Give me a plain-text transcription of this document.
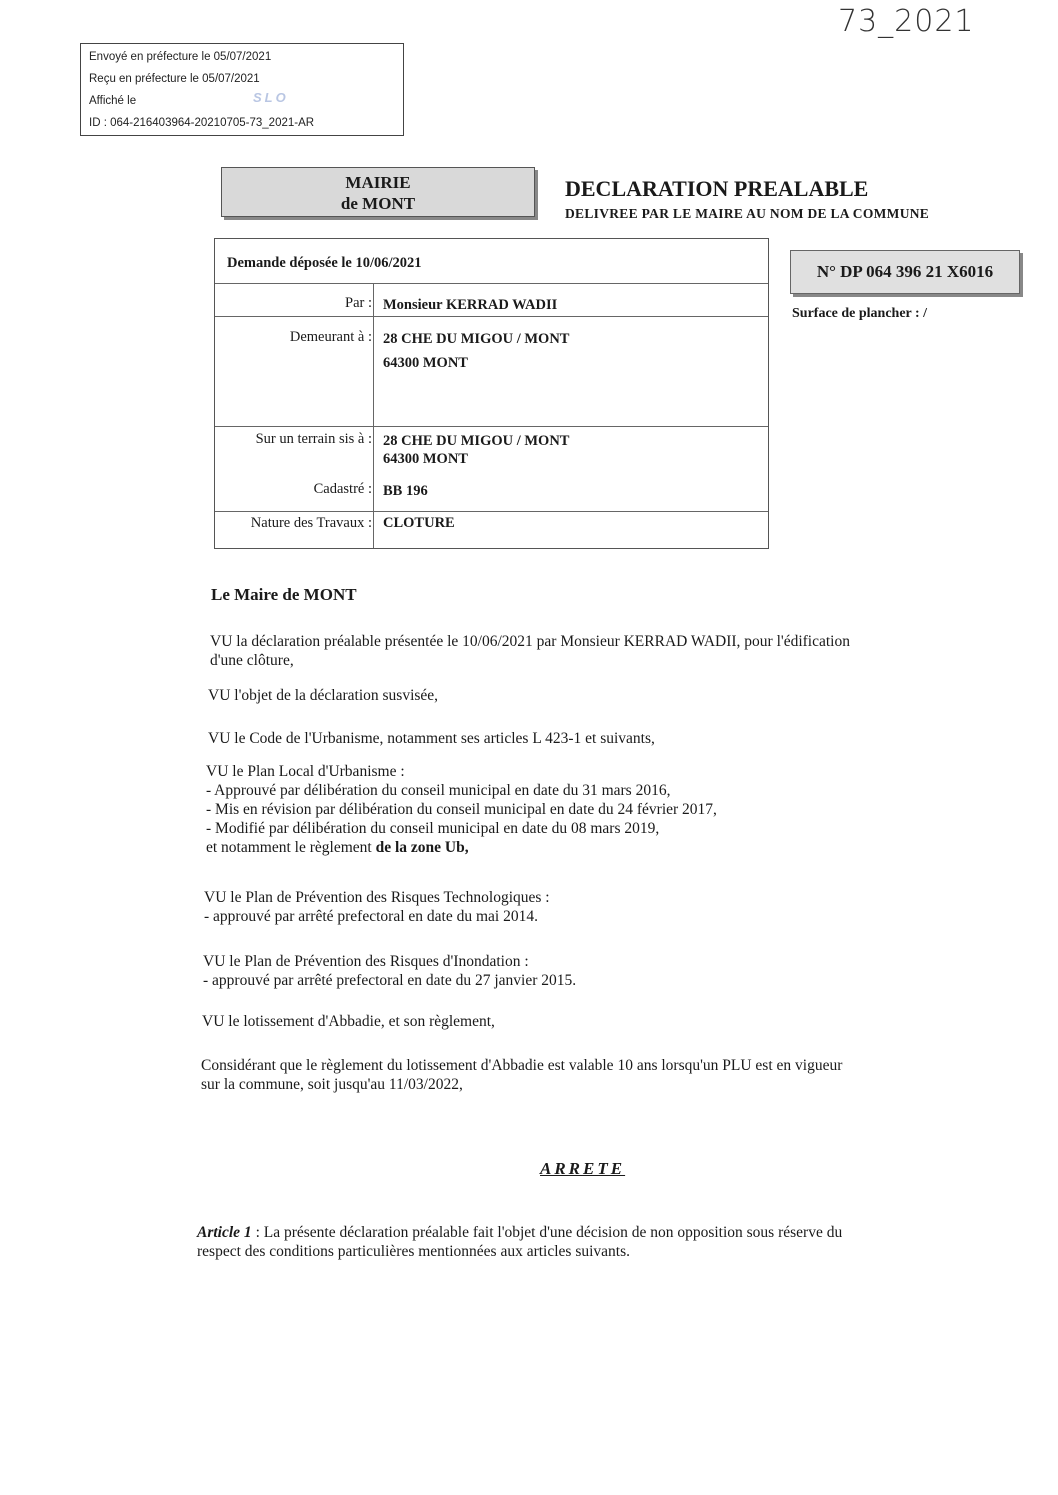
73_2021
Envoyé en préfecture le 05/07/2021
Reçu en préfecture le 05/07/2021
Affiché le	SLO
ID : 064-216403964-20210705-73_2021-AR
MAIRIE
de MONT
DECLARATION PREALABLE
DELIVREE PAR LE MAIRE AU NOM DE LA COMMUNE
Demande déposée le 10/06/2021
Par : Monsieur KERRAD WADII
Demeurant à : 28 CHE DU MIGOU / MONT
64300 MONT
Sur un terrain sis à : 28 CHE DU MIGOU / MONT
64300 MONT
Cadastré : BB 196
Nature des Travaux : CLOTURE
N° DP 064 396 21 X6016
Surface de plancher : /
Le Maire de MONT
VU la déclaration préalable présentée le 10/06/2021 par Monsieur KERRAD WADII, pour l'édification
d'une clôture,
VU l'objet de la déclaration susvisée,
VU le Code de l'Urbanisme, notamment ses articles L 423-1 et suivants,
VU le Plan Local d'Urbanisme :
- Approuvé par délibération du conseil municipal en date du 31 mars 2016,
- Mis en révision par délibération du conseil municipal en date du 24 février 2017,
- Modifié par délibération du conseil municipal en date du 08 mars 2019,
et notamment le règlement de la zone Ub,
VU le Plan de Prévention des Risques Technologiques :
- approuvé par arrêté prefectoral en date du mai 2014.
VU le Plan de Prévention des Risques d'Inondation :
- approuvé par arrêté prefectoral en date du 27 janvier 2015.
VU le lotissement d'Abbadie, et son règlement,
Considérant que le règlement du lotissement d'Abbadie est valable 10 ans lorsqu'un PLU est en vigueur
sur la commune, soit jusqu'au 11/03/2022,
ARRETE
Article 1 : La présente déclaration préalable fait l'objet d'une décision de non opposition sous réserve du
respect des conditions particulières mentionnées aux articles suivants.
